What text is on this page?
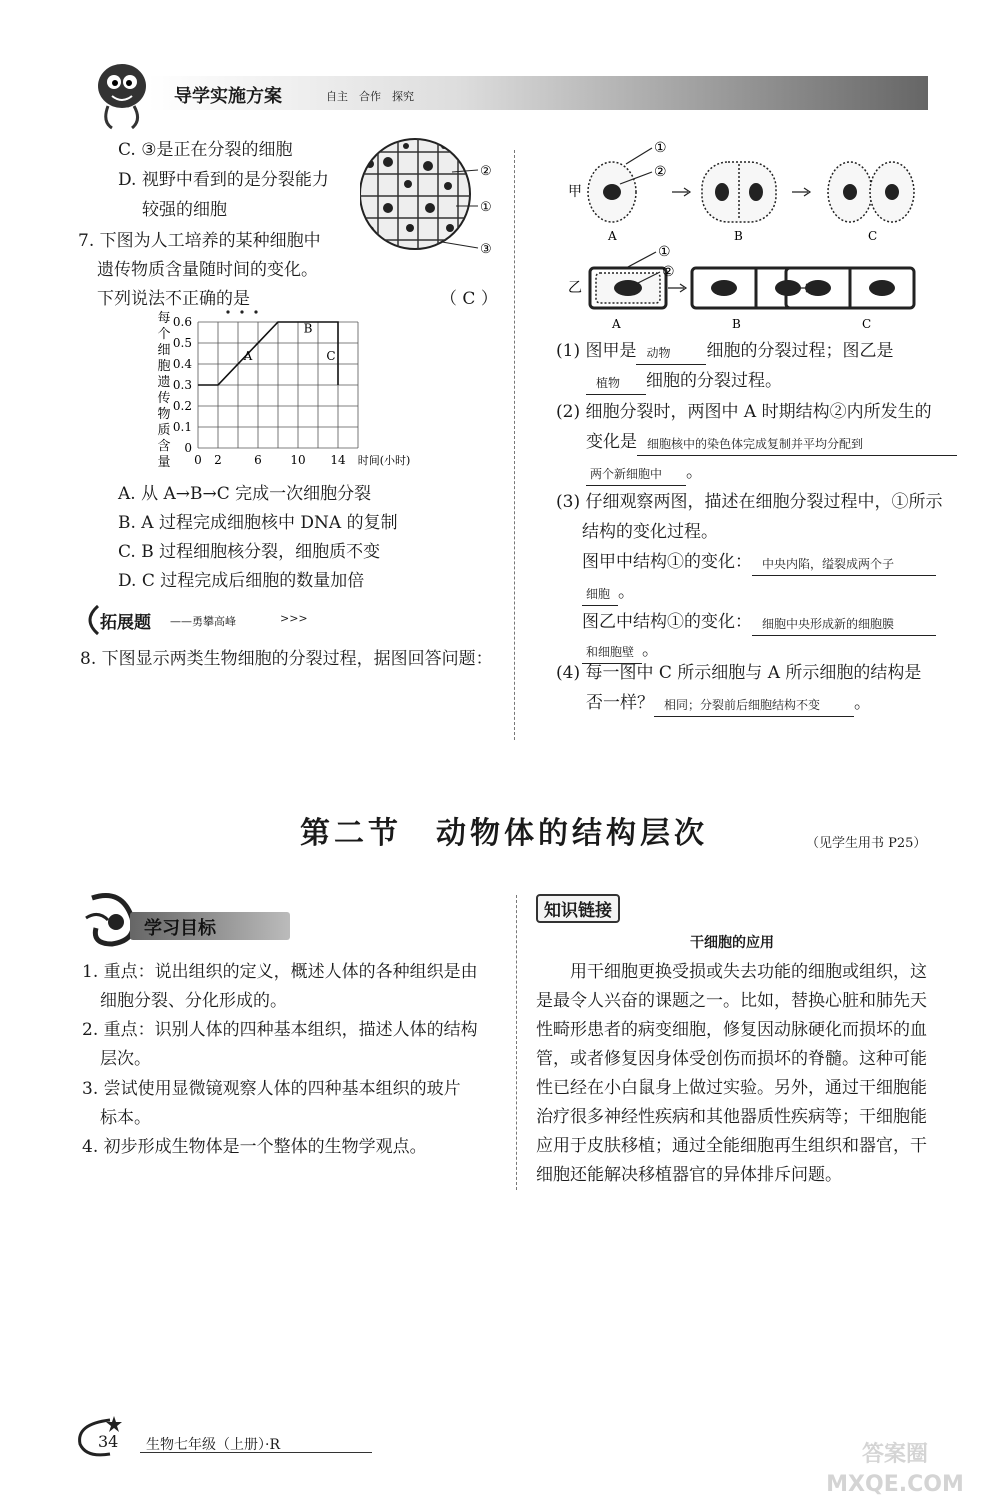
导学实施方案	自主　合作　探究
C. ③是正在分裂的细胞
D. 视野中看到的是分裂能力
较强的细胞
②
①
③
7. 下图为人工培养的某种细胞中
遗传物质含量随时间的变化。
下列说法不正确的是	（ C ）
0
0.1
0.2
0.3
0.4
0.5
0.6
0 2	6 10 14 时间(小时)
每
个
细
胞
遗
传
物
质
含
量
A
B
C
A. 从 A→B→C 完成一次细胞分裂
B. A 过程完成细胞核中 DNA 的复制
C. B 过程细胞核分裂，细胞质不变
D. C 过程完成后细胞的数量加倍
拓展题 ——勇攀高峰	>>>
8. 下图显示两类生物细胞的分裂过程，据图回答问题：
①
②
①
②
甲
乙
A	B	C
A	B	C
(1) 图甲是 动物 细胞的分裂过程；图乙是
植物 细胞的分裂过程。
(2) 细胞分裂时，两图中 A 时期结构②内所发生的
变化是 细胞核中的染色体完成复制并平均分配到
两个新细胞中 。
(3) 仔细观察两图，描述在细胞分裂过程中，①所示
结构的变化过程。
图甲中结构①的变化： 中央内陷，缢裂成两个子
细胞 。
图乙中结构①的变化： 细胞中央形成新的细胞膜
和细胞壁 。
(4) 每一图中 C 所示细胞与 A 所示细胞的结构是
否一样？ 相同；分裂前后细胞结构不变 。
第二节　动物体的结构层次	（见学生用书 P25）
学习目标
1. 重点：说出组织的定义，概述人体的各种组织是由
细胞分裂、分化形成的。
2. 重点：识别人体的四种基本组织，描述人体的结构
层次。
3. 尝试使用显微镜观察人体的四种基本组织的玻片
标本。
4. 初步形成生物体是一个整体的生物学观点。
知识链接
干细胞的应用
用干细胞更换受损或失去功能的细胞或组织，这
是最令人兴奋的课题之一。比如，替换心脏和肺先天
性畸形患者的病变细胞，修复因动脉硬化而损坏的血
管，或者修复因身体受创伤而损坏的脊髓。这种可能
性已经在小白鼠身上做过实验。另外，通过干细胞能
治疗很多神经性疾病和其他器质性疾病等；干细胞能
应用于皮肤移植；通过全能细胞再生组织和器官，干
细胞还能解决移植器官的异体排斥问题。
34 生物七年级（上册）·R	答案圈 MXQE.COM
